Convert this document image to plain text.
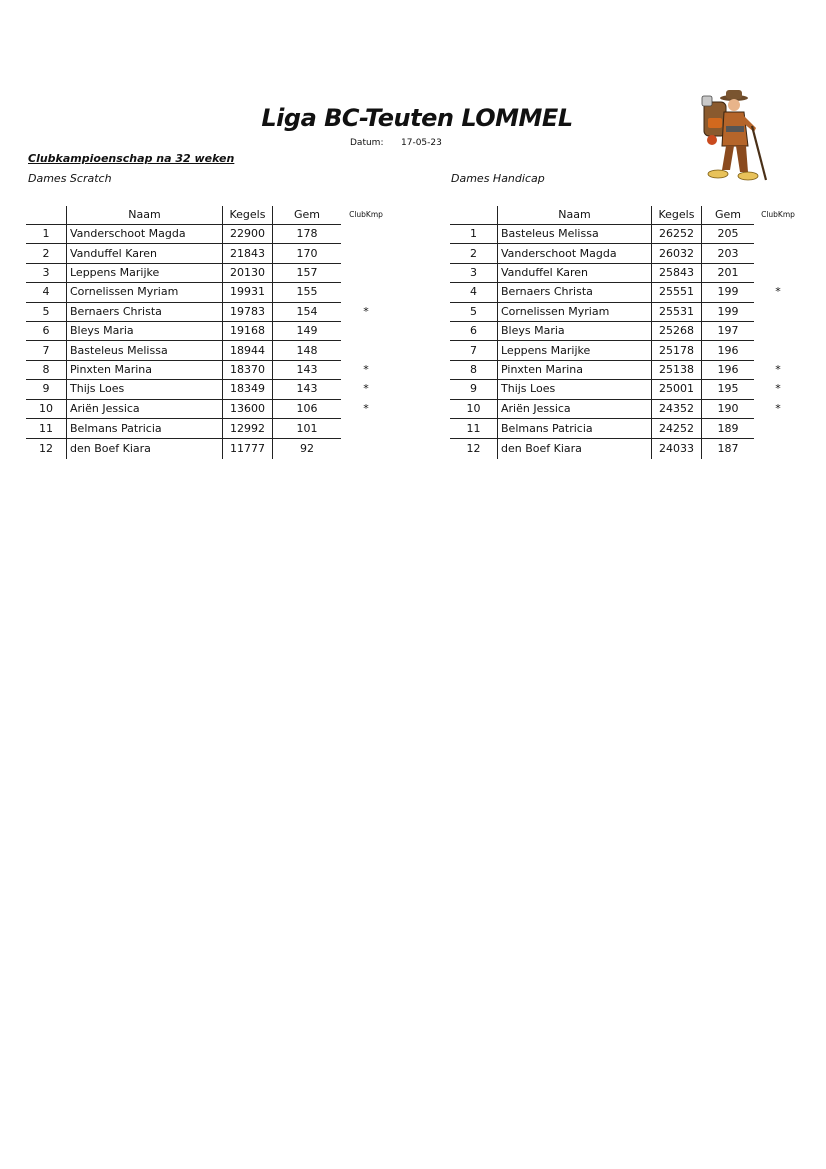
Liga BC-Teuten LOMMEL
Datum: 17-05-23
Clubkampioenschap na 32 weken
Dames Scratch	Dames Handicap
	Naam	Kegels	Gem	ClubKmp
1	Vanderschoot Magda	22900	178	
2	Vanduffel Karen	21843	170	
3	Leppens Marijke	20130	157	
4	Cornelissen Myriam	19931	155	
5	Bernaers Christa	19783	154	*
6	Bleys Maria	19168	149	
7	Basteleus Melissa	18944	148	
8	Pinxten Marina	18370	143	*
9	Thijs Loes	18349	143	*
10	Ariën Jessica	13600	106	*
11	Belmans Patricia	12992	101	
12	den Boef Kiara	11777	92	
	Naam	Kegels	Gem	ClubKmp
1	Basteleus Melissa	26252	205	
2	Vanderschoot Magda	26032	203	
3	Vanduffel Karen	25843	201	
4	Bernaers Christa	25551	199	*
5	Cornelissen Myriam	25531	199	
6	Bleys Maria	25268	197	
7	Leppens Marijke	25178	196	
8	Pinxten Marina	25138	196	*
9	Thijs Loes	25001	195	*
10	Ariën Jessica	24352	190	*
11	Belmans Patricia	24252	189	
12	den Boef Kiara	24033	187	
